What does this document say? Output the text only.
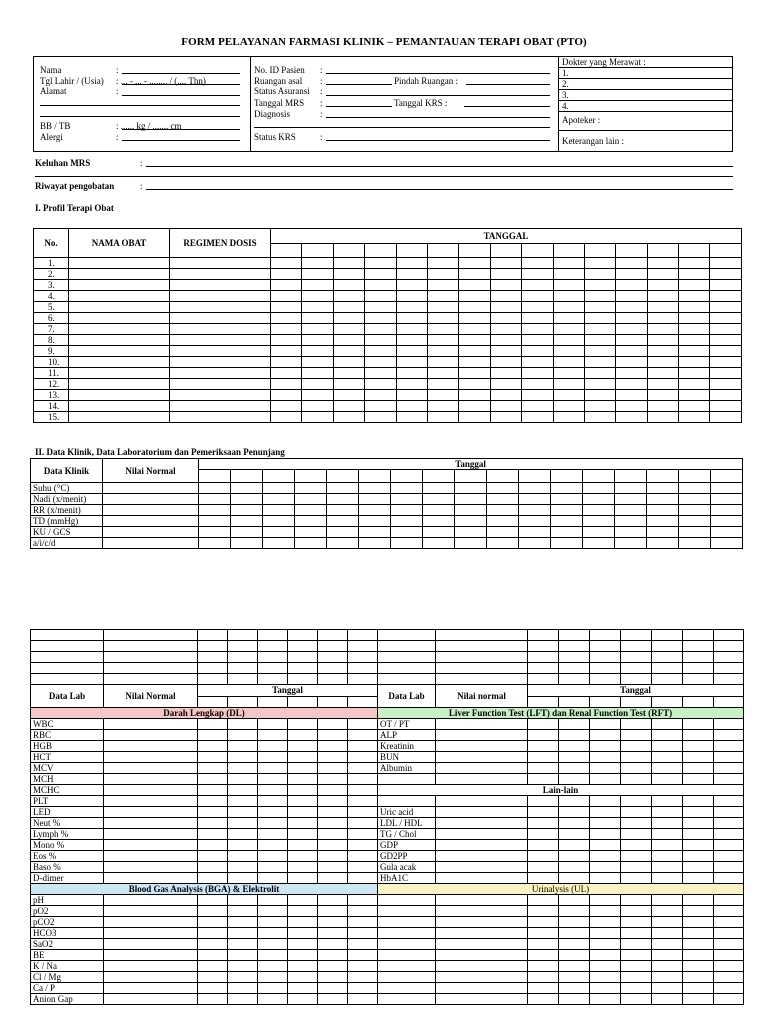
FORM PELAYANAN FARMASI KLINIK – PEMANTAUAN TERAPI OBAT (PTO)
Nama	:
Tgl Lahir / (Usia) : ... - ... - ........ / (.... Thn)
Alamat	:
BB / TB	: ...... kg / ....... cm
Alergi	:
No. ID Pasien :
Ruangan asal :	Pindah Ruangan :
Status Asuransi :
Tanggal MRS :	Tanggal KRS :
Diagnosis	:
Status KRS	:
Dokter yang Merawat :
1.
2.
3.
4.
Apoteker :
Keterangan lain :
Keluhan MRS	:
Riwayat pengobatan	:
I. Profil Terapi Obat
No.	NAMA OBAT	REGIMEN DOSIS	TANGGAL														

1.																	
2.																	
3.																	
4.																	
5.																	
6.																	
7.																	
8.																	
9.																	
10.																	
11.																	
12.																	
13.																	
14.																	
15.																	
II. Data Klinik, Data Laboratorium dan Pemeriksaan Penunjang
Data Klinik	Nilai Normal	Tanggal																

Suhu (°C)																		
Nadi (x/menit)																		
RR (x/menit)																		
TD (mmHg)																		
KU / GCS																		
a/i/c/d																		

Data Lab	Nilai Normal	Tanggal						Data Lab	Nilai normal	Tanggal						

Darah Lengkap (DL)								Liver Function Test (LFT) dan Renal Function Test (RFT)								
WBC								OT / PT								
RBC								ALP								
HGB								Kreatinin								
HCT								BUN								
MCV								Albumin								
MCH																
MCHC								Lain-lain								
PLT																
LED								Uric acid								
Neut %								LDL / HDL								
Lymph %								TG / Chol								
Mono %								GDP								
Eos %								GD2PP								
Baso %								Gula acak								
D-dimer								HbA1C								
Blood Gas Analysis (BGA) & Elektrolit								Urinalysis (UL)								
pH																
pO2																
pCO2																
HCO3																
SaO2																
BE																
K / Na																
Cl / Mg																
Ca / P																
Anion Gap																
